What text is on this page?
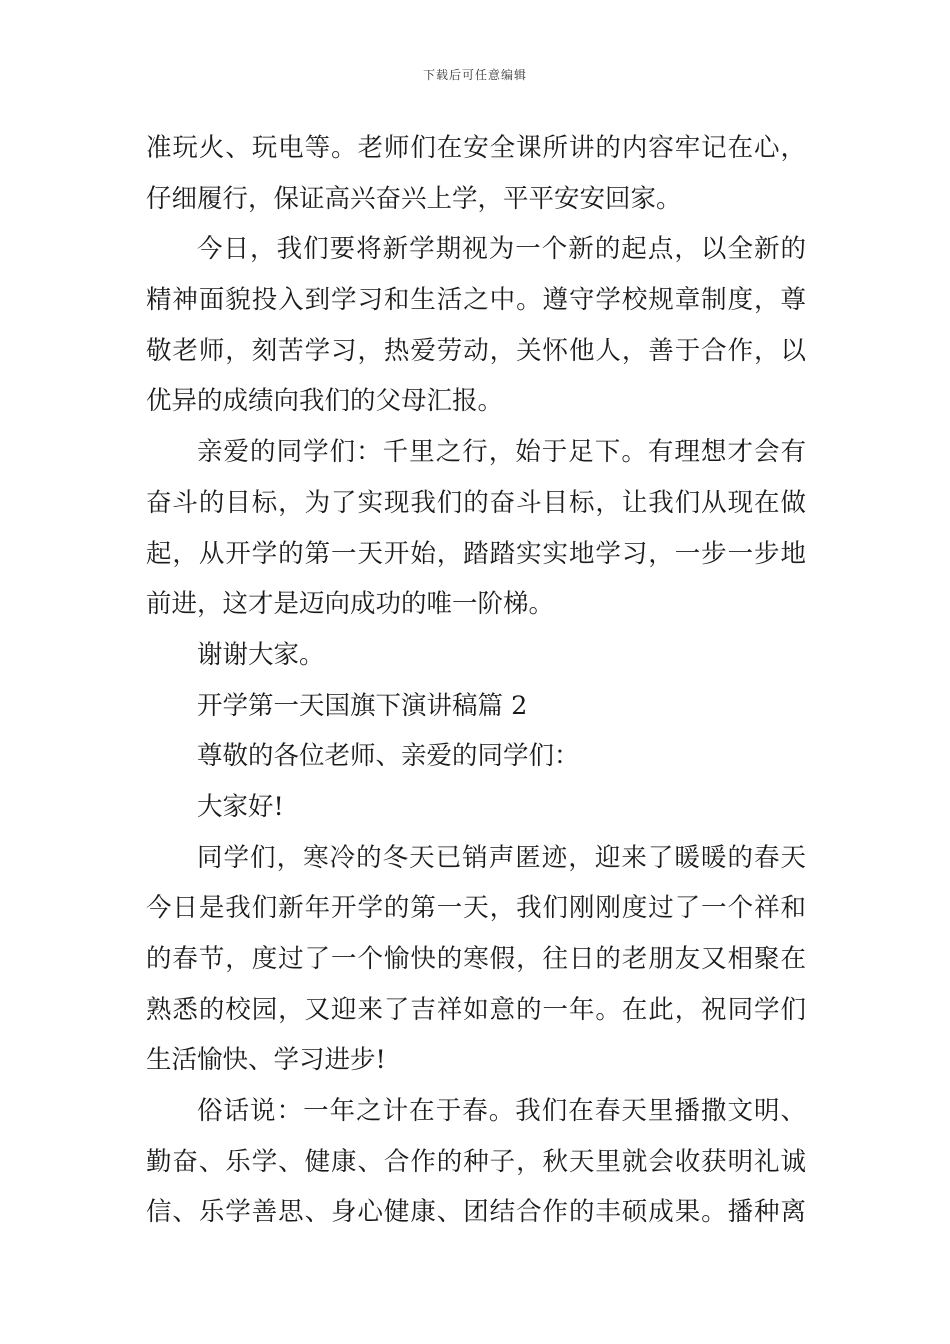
下载后可任意编辑
准玩火、玩电等。老师们在安全课所讲的内容牢记在心，
仔细履行，保证高兴奋兴上学，平平安安回家。
今日，我们要将新学期视为一个新的起点，以全新的
精神面貌投入到学习和生活之中。遵守学校规章制度，尊
敬老师，刻苦学习，热爱劳动，关怀他人，善于合作，以
优异的成绩向我们的父母汇报。
亲爱的同学们：千里之行，始于足下。有理想才会有
奋斗的目标，为了实现我们的奋斗目标，让我们从现在做
起，从开学的第一天开始，踏踏实实地学习，一步一步地
前进，这才是迈向成功的唯一阶梯。
谢谢大家。
开学第一天国旗下演讲稿篇 2
尊敬的各位老师、亲爱的同学们：
大家好!
同学们，寒冷的冬天已销声匿迹，迎来了暖暖的春天
今日是我们新年开学的第一天，我们刚刚度过了一个祥和
的春节，度过了一个愉快的寒假，往日的老朋友又相聚在
熟悉的校园，又迎来了吉祥如意的一年。在此，祝同学们
生活愉快、学习进步!
俗话说：一年之计在于春。我们在春天里播撒文明、
勤奋、乐学、健康、合作的种子，秋天里就会收获明礼诚
信、乐学善思、身心健康、团结合作的丰硕成果。播种离
